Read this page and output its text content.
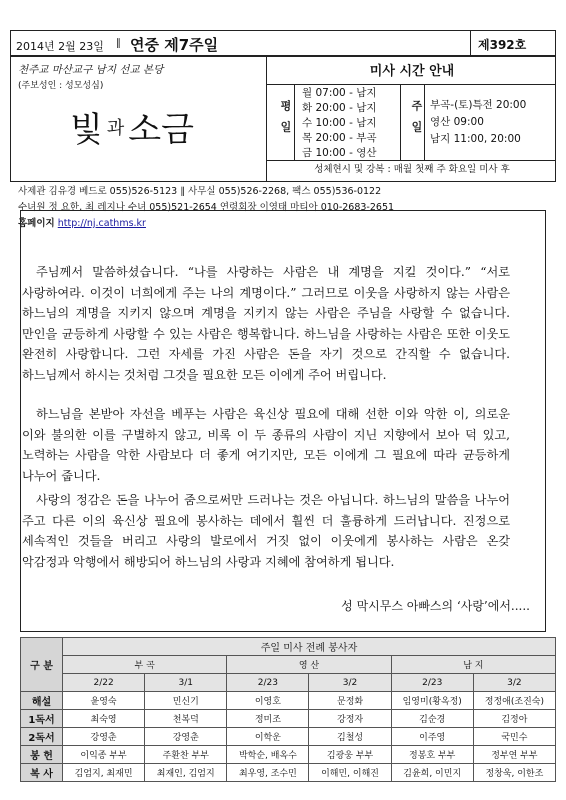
2014년 2월 23일 ∥ 연중 제7주일	제392호
천주교 마산교구 남지 선교 본당
(주보성인 : 성모성심)
빛과 소금
미사 시간 안내
평일
월 07:00 - 남지
화 20:00 - 남지
수 10:00 - 남지
목 20:00 - 부곡
금 10:00 - 영산
주일 부곡-(토)특전 20:00
영산 09:00
남지 11:00, 20:00
성체현시 및 강복 : 매월 첫째 주 화요일 미사 후
사제관 김유경 베드로 055)526-5123 ∥ 사무실 055)526-2268, 팩스 055)536-0122
수녀원 정 요한, 최 레지나 수녀 055)521-2654 연령회장 이영태 마티아 010-2683-2651
홈페이지 http://nj.cathms.kr
주님께서 말씀하셨습니다. “나를 사랑하는 사람은 내 계명을 지킬 것이다.” “서로 사랑하여라. 이것이 너희에게 주는 나의 계명이다.” 그러므로 이웃을 사랑하지 않는 사람은 하느님의 계명을 지키지 않으며 계명을 지키지 않는 사람은 주님을 사랑할 수 없습니다. 만인을 균등하게 사랑할 수 있는 사람은 행복합니다. 하느님을 사랑하는 사람은 또한 이웃도 완전히 사랑합니다. 그런 자세를 가진 사람은 돈을 자기 것으로 간직할 수 없습니다. 하느님께서 하시는 것처럼 그것을 필요한 모든 이에게 주어 버립니다.
하느님을 본받아 자선을 베푸는 사람은 육신상 필요에 대해 선한 이와 악한 이, 의로운 이와 불의한 이를 구별하지 않고, 비록 이 두 종류의 사람이 지닌 지향에서 보아 덕 있고, 노력하는 사람을 악한 사람보다 더 좋게 여기지만, 모든 이에게 그 필요에 따라 균등하게 나누어 줍니다.
사랑의 정감은 돈을 나누어 줌으로써만 드러나는 것은 아닙니다. 하느님의 말씀을 나누어 주고 다른 이의 육신상 필요에 봉사하는 데에서 훨씬 더 훌륭하게 드러납니다. 진정으로 세속적인 것들을 버리고 사랑의 발로에서 거짓 없이 이웃에게 봉사하는 사람은 온갖 악감정과 악행에서 해방되어 하느님의 사랑과 지혜에 참여하게 됩니다.
성 막시무스 아빠스의 ‘사랑’에서.....
구 분	주일 미사 전례 봉사자					
	부 곡		영 산		남 지	
	2/22	3/1	2/23	3/2	2/23	3/2
해설	윤영숙	민신기	이영호	문정화	임영미(황옥정)	정정애(조진숙)
1독서	최숙영	천복덕	정미조	강정자	김순경	김정아
2독서	강영춘	강영춘	이학운	김철성	이주영	국민수
봉 헌	이익종 부부	주환찬 부부	박학순, 배옥수	김광웅 부부	정봉호 부부	정부연 부부
복 사	김엄지, 최재민	최재인, 김엄지	최우영, 조수민	이해민, 이해진	김윤희, 이민지	정창욱, 이한조
